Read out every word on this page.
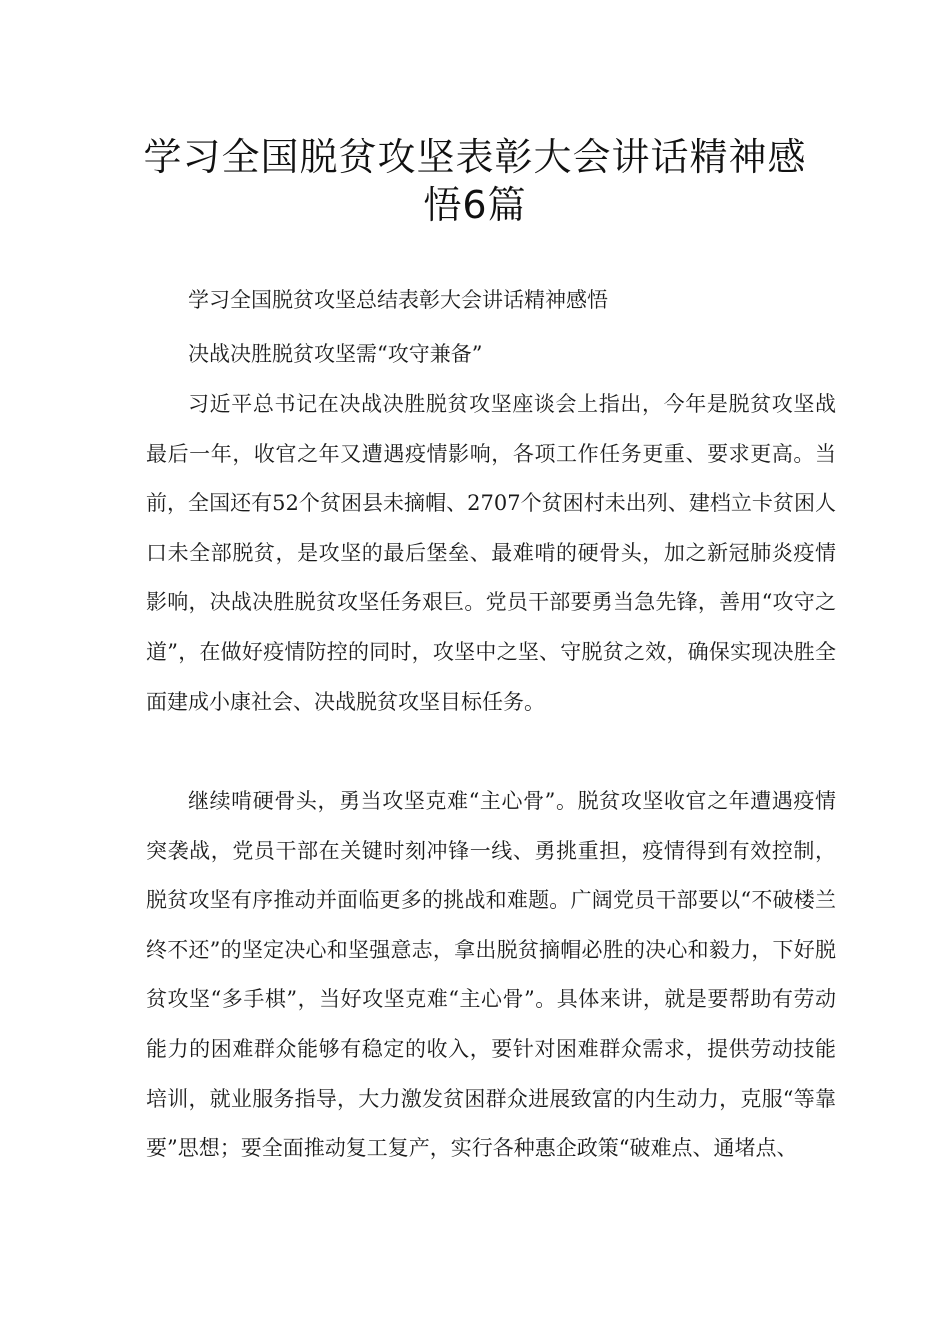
学习全国脱贫攻坚表彰大会讲话精神感
悟6篇

学习全国脱贫攻坚总结表彰大会讲话精神感悟

决战决胜脱贫攻坚需“攻守兼备”

习近平总书记在决战决胜脱贫攻坚座谈会上指出，今年是脱贫攻坚战最后一年，收官之年又遭遇疫情影响，各项工作任务更重、要求更高。当前，全国还有52个贫困县未摘帽、2707个贫困村未出列、建档立卡贫困人口未全部脱贫，是攻坚的最后堡垒、最难啃的硬骨头，加之新冠肺炎疫情影响，决战决胜脱贫攻坚任务艰巨。党员干部要勇当急先锋，善用“攻守之道”，在做好疫情防控的同时，攻坚中之坚、守脱贫之效，确保实现决胜全面建成小康社会、决战脱贫攻坚目标任务。

继续啃硬骨头，勇当攻坚克难“主心骨”。脱贫攻坚收官之年遭遇疫情突袭战，党员干部在关键时刻冲锋一线、勇挑重担，疫情得到有效控制，脱贫攻坚有序推动并面临更多的挑战和难题。广阔党员干部要以“不破楼兰终不还”的坚定决心和坚强意志，拿出脱贫摘帽必胜的决心和毅力，下好脱贫攻坚“多手棋”，当好攻坚克难“主心骨”。具体来讲，就是要帮助有劳动能力的困难群众能够有稳定的收入，要针对困难群众需求，提供劳动技能培训，就业服务指导，大力激发贫困群众进展致富的内生动力，克服“等靠要”思想；要全面推动复工复产，实行各种惠企政策“破难点、通堵点、
